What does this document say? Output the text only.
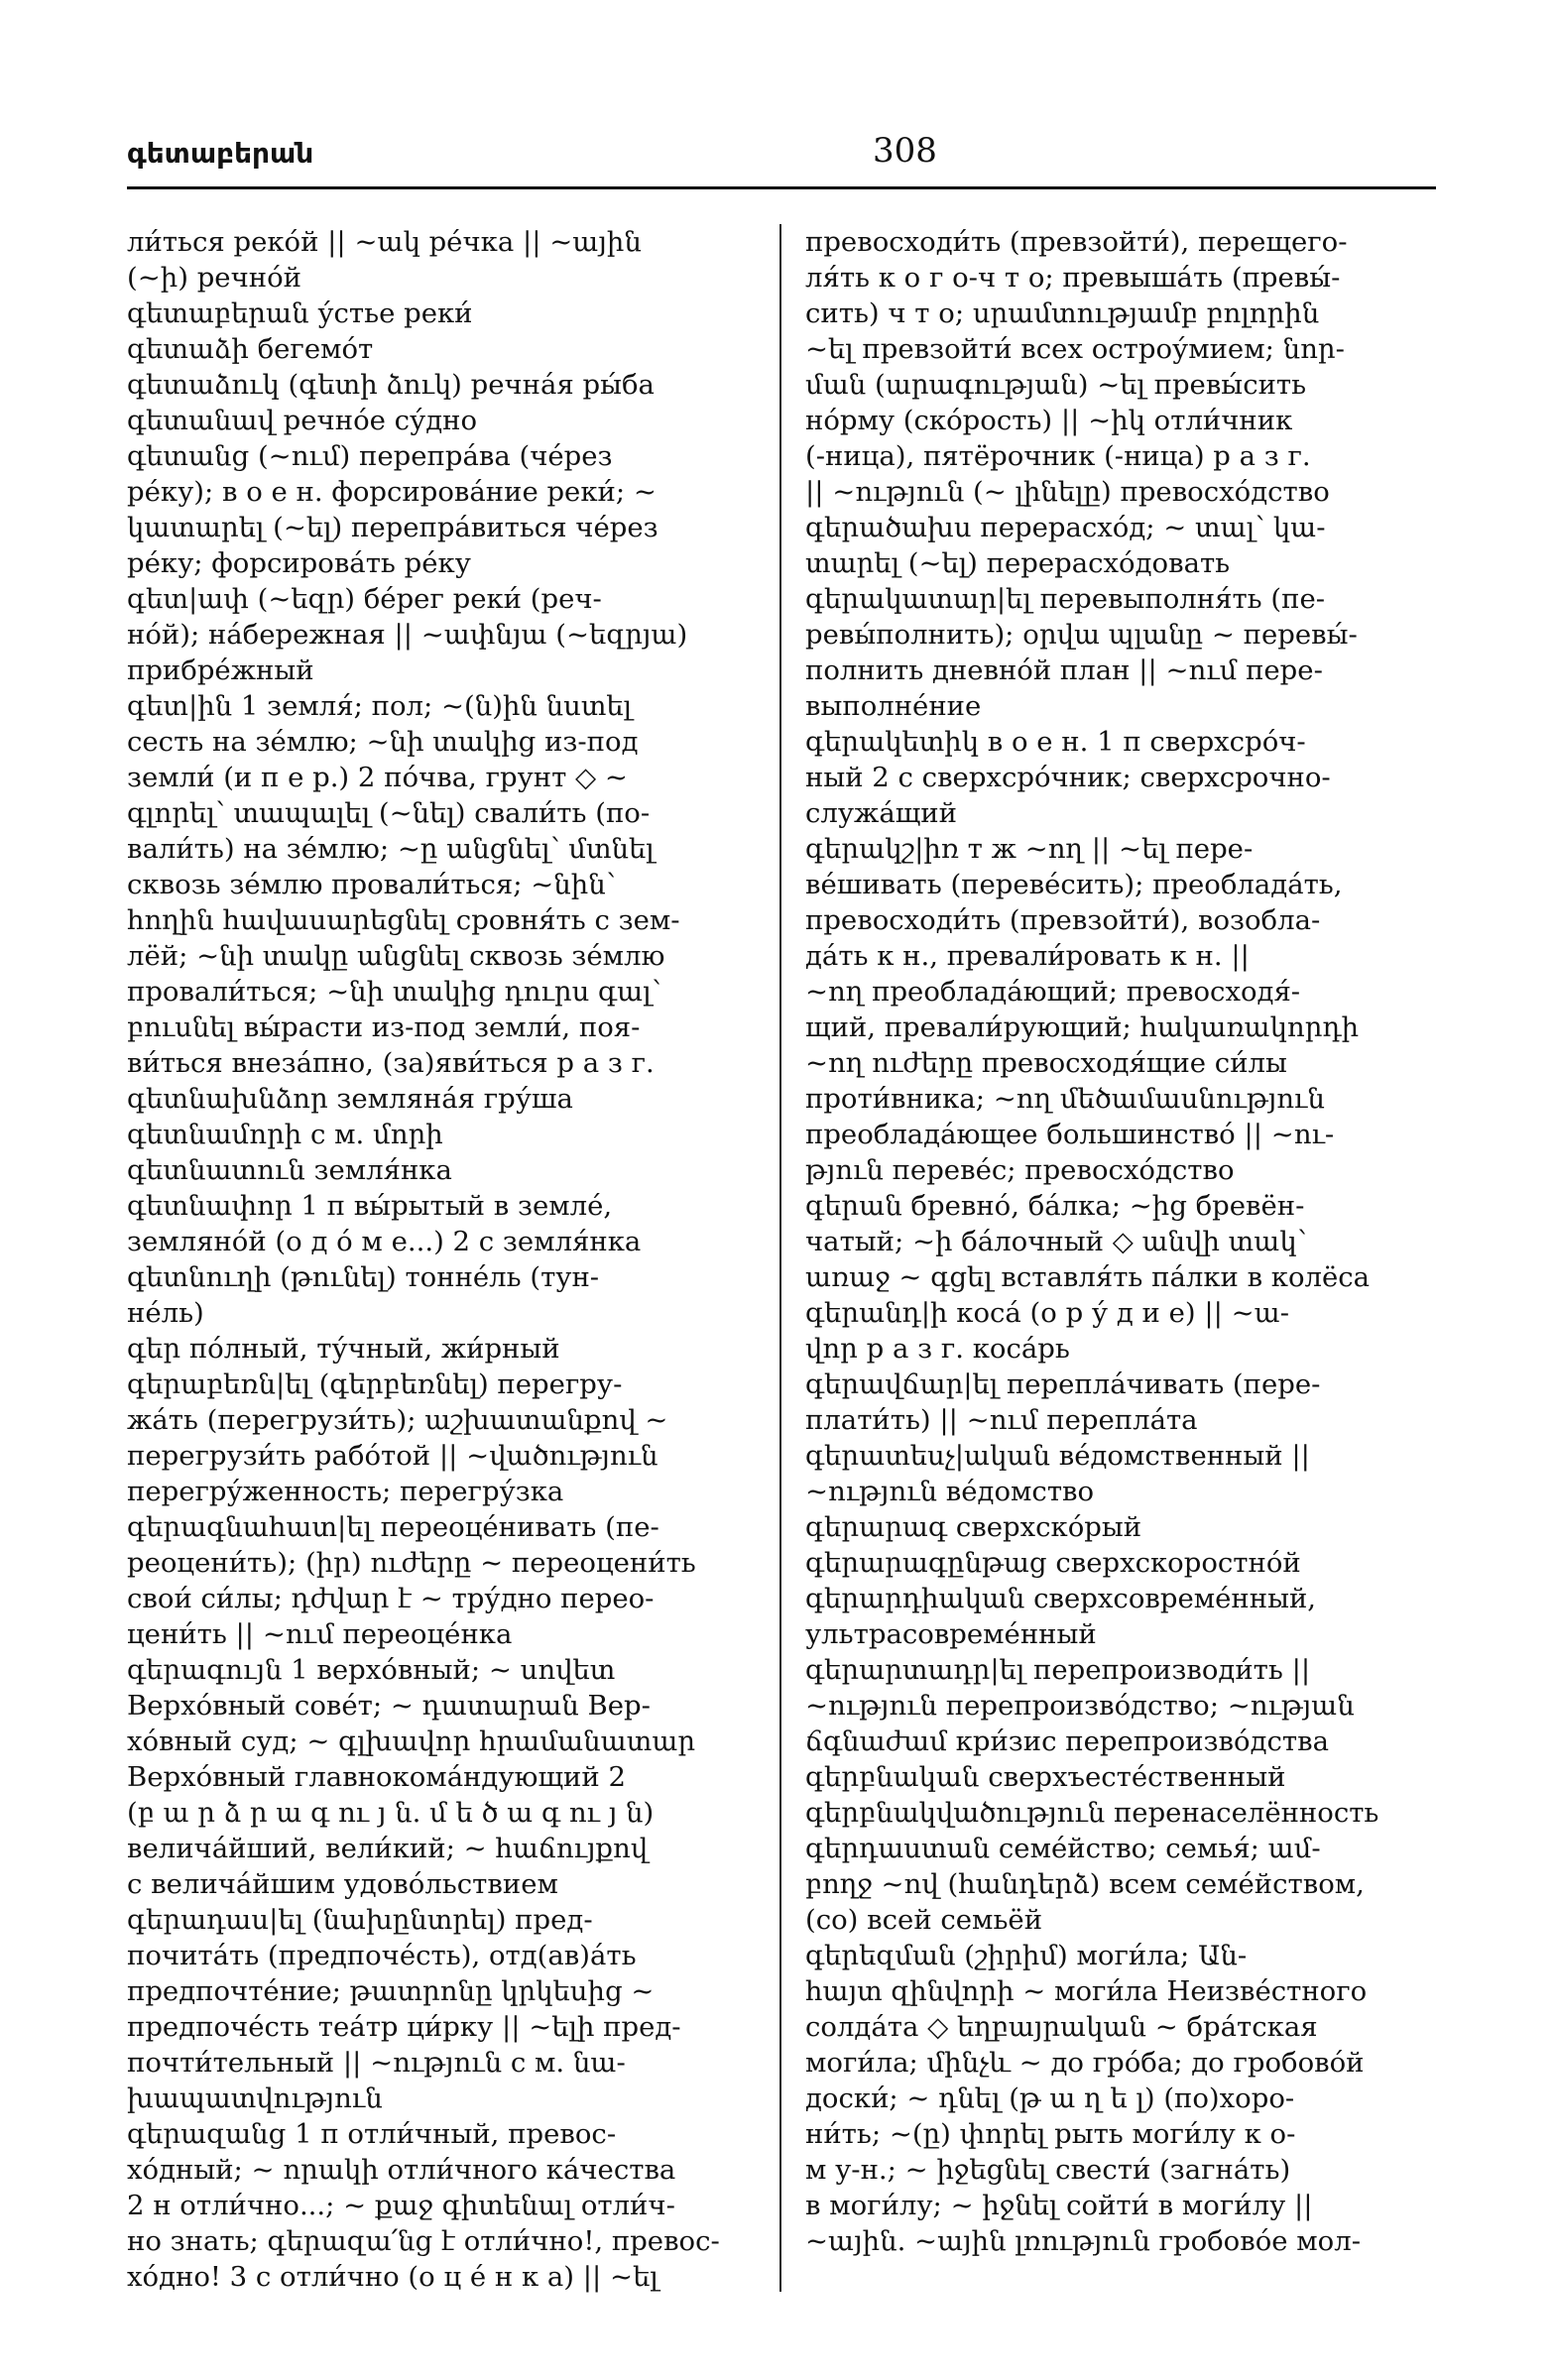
գետաբերան	308
ли́ться реко́й || ~ակ ре́чка || ~ային
(~ի) речно́й
գետաբերան у́стье реки́
գետաձի бегемо́т
գետաձուկ (գետի ձուկ) речна́я ры́ба
գետանավ речно́е су́дно
գետանց (~ում) перепра́ва (че́рез
ре́ку); в о е н. форсирова́ние реки́; ~
կատարել (~ել) перепра́виться че́рез
ре́ку; форсирова́ть ре́ку
գետ|ափ (~եզր) бе́рег реки́ (реч-
но́й); на́бережная || ~ափնյա (~եզրյա)
прибре́жный
գետ|ին 1 земля́; пол; ~(ն)ին նստել
сесть на зе́млю; ~նի տակից из-под
земли́ (и п е р.) 2 по́чва, грунт ◇ ~
գլորել՝ տապալել (~նել) свали́ть (по-
вали́ть) на зе́млю; ~ը անցնել՝ մտնել
сквозь зе́млю провали́ться; ~նին՝
հողին հավասարեցնել сровня́ть с зем-
лёй; ~նի տակը անցնել сквозь зе́млю
провали́ться; ~նի տակից դուրս գալ՝
բուսնել вы́расти из-под земли́, поя-
ви́ться внеза́пно, (за)яви́ться р а з г.
գետնախնձոր земляна́я гру́ша
գետնամորի с м. մորի
գետնատուն земля́нка
գետնափոր 1 п вы́рытый в земле́,
земляно́й (о д о́ м е...) 2 с земля́нка
գետնուղի (թունել) тонне́ль (тун-
не́ль)
գեր по́лный, ту́чный, жи́рный
գերաբեռն|ել (գերբեռնել) перегру-
жа́ть (перегрузи́ть); աշխատանքով ~
перегрузи́ть рабо́той || ~վածություն
перегру́женность; перегру́зка
գերագնահատ|ել переоце́нивать (пе-
реоцени́ть); (իր) ուժերը ~ переоцени́ть
свои́ си́лы; դժվար է ~ тру́дно перео-
цени́ть || ~ում переоце́нка
գերագույն 1 верхо́вный; ~ սովետ
Верхо́вный сове́т; ~ դատարան Вер-
хо́вный суд; ~ գլխավոր հրամանատար
Верхо́вный главнокома́ндующий 2
(բ ա ր ձ ր ա գ ու յ ն. մ ե ծ ա գ ու յ ն)
велича́йший, вели́кий; ~ հաճույքով
с велича́йшим удово́льствием
գերադաս|ել (նախընտրել) пред-
почита́ть (предпоче́сть), отд(ав)а́ть
предпочте́ние; թատրոնը կրկեսից ~
предпоче́сть теа́тр ци́рку || ~ելի пред-
почти́тельный || ~ություն с м. նա-
խապատվություն
գերազանց 1 п отли́чный, превос-
хо́дный; ~ որակի отли́чного ка́чества
2 н отли́чно...; ~ քաջ գիտենալ отли́ч-
но знать; գերազա՛նց է отли́чно!, превос-
хо́дно! 3 с отли́чно (о ц е́ н к а) || ~ել
превосходи́ть (превзойти́), перещего-
ля́ть к о г о-ч т о; превыша́ть (превы́-
сить) ч т о; սրամտությամբ բոլորին
~ել превзойти́ всех остроу́мием; նոր-
ման (արագության) ~ել превы́сить
но́рму (ско́рость) || ~իկ отли́чник
(-ница), пятёрочник (-ница) р а з г.
|| ~ություն (~ լինելը) превосхо́дство
գերածախս перерасхо́д; ~ տալ՝ կա-
տարել (~ել) перерасхо́довать
գերակատար|ել перевыполня́ть (пе-
ревы́полнить); օրվա պլանը ~ перевы́-
полнить дневно́й план || ~ում пере-
выполне́ние
գերակետիկ в о е н. 1 п сверхсро́ч-
ный 2 с сверхсро́чник; сверхсрочно-
служа́щий
գերակշ|իռ т ж ~ող || ~ել пере-
ве́шивать (переве́сить); преоблада́ть,
превосходи́ть (превзойти́), возобла-
да́ть к н., превали́ровать к н. ||
~ող преоблада́ющий; превосходя́-
щий, превали́рующий; հակառակորդի
~ող ուժերը превосходя́щие си́лы
проти́вника; ~ող մեծամասնություն
преоблада́ющее большинство́ || ~ու-
թյուն переве́с; превосхо́дство
գերան бревно́, ба́лка; ~ից бревён-
чатый; ~ի ба́лочный ◇ անվի տակ՝
առաջ ~ գցել вставля́ть па́лки в колёса
գերանդ|ի коса́ (о р у́ д и е) || ~ա-
վոր р а з г. коса́рь
գերավճար|ել перепла́чивать (пере-
плати́ть) || ~ում перепла́та
գերատեսչ|ական ве́домственный ||
~ություն ве́домство
գերարագ сверхско́рый
գերարագընթաց сверхскоростно́й
գերարդիական сверхсовреме́нный,
ультрасовреме́нный
գերարտադր|ել перепроизводи́ть ||
~ություն перепроизво́дство; ~ության
ճգնաժամ кри́зис перепроизво́дства
գերբնական сверхъесте́ственный
գերբնակվածություն перенаселённость
գերդաստան семе́йство; семья́; ամ-
բողջ ~ով (հանդերձ) всем семе́йством,
(со) всей семьёй
գերեզման (շիրիմ) моги́ла; Ան-
հայտ զինվորի ~ моги́ла Неизве́стного
солда́та ◇ եղբայրական ~ бра́тская
моги́ла; մինչև ~ до гро́ба; до гробово́й
доски́; ~ դնել (թ ա ղ ե լ) (по)хоро-
ни́ть; ~(ը) փորել рыть моги́лу к о-
м у-н.; ~ իջեցնել свести́ (загна́ть)
в моги́лу; ~ իջնել сойти́ в моги́лу ||
~ային. ~ային լռություն гробово́е мол-
